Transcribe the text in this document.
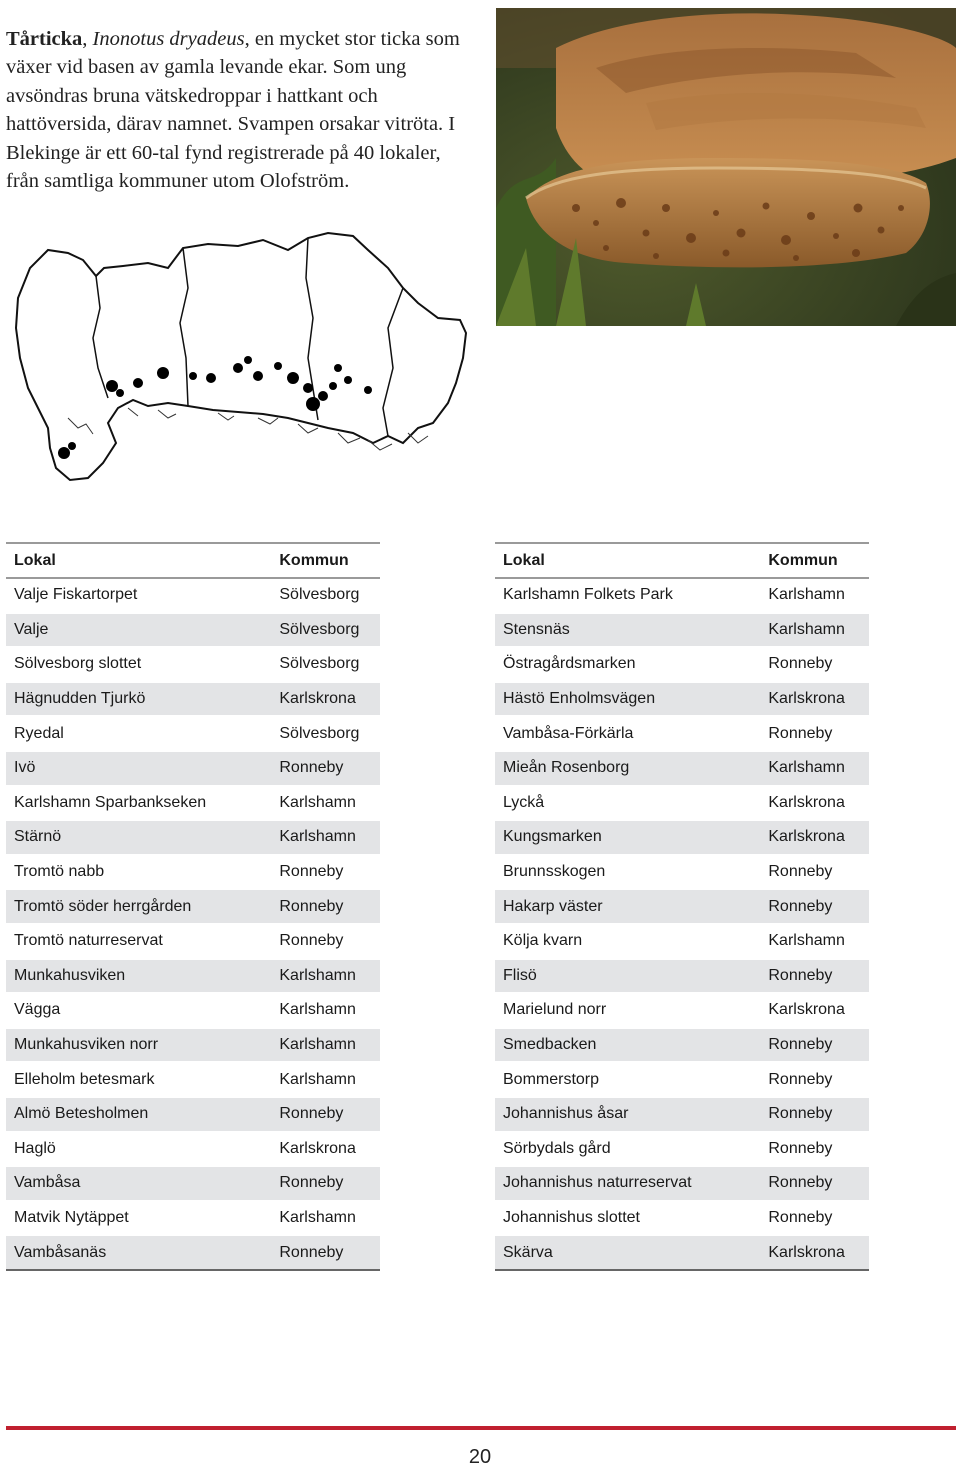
Tårticka, Inonotus dryadeus, en mycket stor ticka som växer vid basen av gamla levande ekar. Som ung avsöndras bruna vätskedroppar i hattkant och hattöversida, därav namnet. Svampen orsakar vitröta. I Blekinge är ett 60-tal fynd registrerade på 40 lokaler, från samtliga kommuner utom Olofström.

Lokal	Kommun
Valje Fiskartorpet	Sölvesborg
Valje	Sölvesborg
Sölvesborg slottet	Sölvesborg
Hägnudden Tjurkö	Karlskrona
Ryedal	Sölvesborg
Ivö	Ronneby
Karlshamn Sparbankseken	Karlshamn
Stärnö	Karlshamn
Tromtö nabb	Ronneby
Tromtö söder herrgården	Ronneby
Tromtö naturreservat	Ronneby
Munkahusviken	Karlshamn
Vägga	Karlshamn
Munkahusviken norr	Karlshamn
Elleholm betesmark	Karlshamn
Almö Betesholmen	Ronneby
Haglö	Karlskrona
Vambåsa	Ronneby
Matvik Nytäppet	Karlshamn
Vambåsanäs	Ronneby
Lokal	Kommun
Karlshamn Folkets Park	Karlshamn
Stensnäs	Karlshamn
Östragårdsmarken	Ronneby
Hästö Enholmsvägen	Karlskrona
Vambåsa-Förkärla	Ronneby
Mieån Rosenborg	Karlshamn
Lyckå	Karlskrona
Kungsmarken	Karlskrona
Brunnsskogen	Ronneby
Hakarp väster	Ronneby
Kölja kvarn	Karlshamn
Flisö	Ronneby
Marielund norr	Karlskrona
Smedbacken	Ronneby
Bommerstorp	Ronneby
Johannishus åsar	Ronneby
Sörbydals gård	Ronneby
Johannishus naturreservat	Ronneby
Johannishus slottet	Ronneby
Skärva	Karlskrona
20
